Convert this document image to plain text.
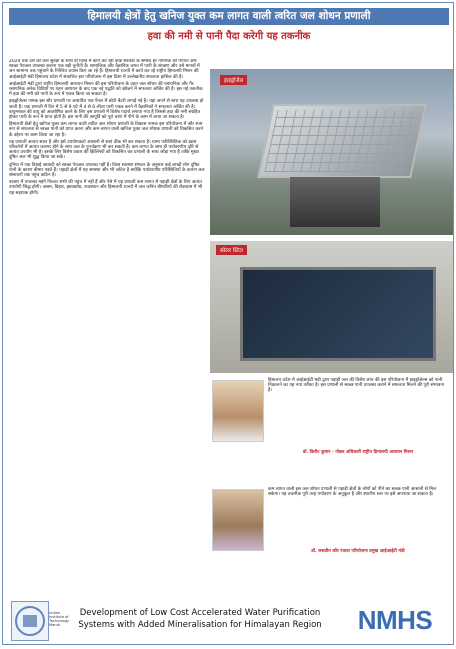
हिमालयी क्षेत्रों हेतु खनिज युक्त कम लागत वाली त्वरित जल शोधन प्रणाली
हवा की नमी से पानी पैदा करेगी यह तकनीक

2024 तक देश को जल सुरक्षा के साथ ही विश्व में कार्य कर रही कोड सरकार के समस्त हर नागरिक को पर्याप्त और स्वच्छ पेयजल उपलब्ध कराना एक बड़ी चुनौती है। सामाजिक और वैज्ञानिक जगत में पानी के संरक्षण और उसे मानवों में जन सामान्य तक पहुंचाने के निश्चित प्रयास किए जा रहे हैं। हिमालयी राज्यों में कार्य कर रहे राष्ट्रीय हिमालयी मिशन की आईआईटी मंडी हिमालय प्रदेश में संचालित इस परियोजना में इस दिशा में उल्लेखनीय सफलता हासिल की है।

आईआईटी मंडी द्वारा राष्ट्रीय हिमालयी अध्ययन मिशन की इस परियोजना के तहत जल शोधन की रसायनिक और गैर रसायनिक अनेक विधियों पर गहन अध्ययन के बाद एक नई पद्धति को खोजने में सफलता अर्जित की है। इस नई तकनीक में हवा की नमी को पानी के रूप में एकत्र किया जा सकता है।

हाइड्रोजेल्स नामक इस सौर प्रणाली पर आधारित एक पैनल में छोटी बैटरी लगाई गई है। यहां अपने से साथ यह उपलब्ध हो जाती है। एक प्रणाली में दिन में 5 से 9 घंटे में 4 से 6 लीटर पानी एकत्र करने में वैज्ञानिकों ने सफलता अर्जित की है। वायुमण्डल की वायु को अवशोषित करने के लिए इस प्रणाली में विशेष पदार्थ लगाया गया है जिससे हवा की नमी संग्रहित होकर पानी के रूप में प्राप्त होती है। इस पानी की आपूर्ति को पूर्व चरण में पीने के काम में लाया जा सकता है।

हिमालयी क्षेत्रों हेतु खनिज युक्त कम लागत वाली त्वरित जल शोधन प्रणाली के विकास नामक इस परियोजना में और स्पष्ट रूप से सफलता से स्वच्छ पानी को प्राप्त करना और कम लागत वाली खनिज युक्त जल शोधक प्रणाली को विकसित करने के उद्देश्य पर काम किया जा रहा है।

यह प्रणाली अत्यंत सरल है और इसे उपयोगकर्ता आसानी से स्वयं ठीक भी कर सकता है। ग्राम्य पारिस्थितिक को खास परिवर्तनों में अत्यंत कारगर होने के साथ जल के पुनर्चक्रण भी कर सकती है। कम लागत के साथ ही पर्यावरणीय दृष्टि से अत्यंत उपयोग भी है। इसके लिए विशेष प्रकार की झिल्लियों को विकसित कर प्रणाली के साथ जोड़ा गया है ताकि मुख्य दूषित जल भी शुद्ध किया जा सके।

दुनिया में एक तिहाई आबादी को स्वच्छ पेयजल उपलब्ध नहीं है। विश्व स्वास्थ्य संगठन के अनुसार कई लाखों लोग दूषित पानी के कारण बीमार पड़ते हैं। पहाड़ी क्षेत्रों में यह समस्या और भी जटिल है क्योंकि पर्यावरणीय परिस्थितियों के कारण जल संसाधनों तक पहुंच कठिन है।

बाजार में उपलब्ध महंगे फिल्टर सभी की पहुंच में नहीं हैं और ऐसे में यह प्रणाली कम लागत में पहाड़ी क्षेत्रों के लिए अत्यंत उपयोगी सिद्ध होगी। असम, बिहार, झारखण्ड, राजस्थान और हिमालयी राज्यों में जल जनित बीमारियों की रोकथाम में भी यह सहायक होगी।

हाइड्रोजेल
सोलर स्टिल
हिमालय प्रदेश में आईआईटी मंडी द्वारा पहाड़ी जल की विशेष जांच की इस परियोजना में हाइड्रोजेल्स को पानी निकालने का यह नया तरीका है। इस प्रणाली से स्वच्छ पानी उपलब्ध कराने में सफलता मिलने की पूरी संभावना है।
डॉ. किरीट कुमार - नोडल अधिकारी राष्ट्रीय हिमालयी अध्ययन मिशन
कम लागत वाली इस जल शोधन प्रणाली से पहाड़ी क्षेत्रों के लोगों को पीने का स्वच्छ पानी आसानी से मिल सकेगा। यह तकनीक पूरी तरह पर्यावरण के अनुकूल है और स्थानीय स्तर पर इसे अपनाया जा सकता है।
डॉ. जसप्रीत कौर रंधावा परियोजना प्रमुख आईआईटी मंडी
Indian Institute of Technology Mandi
Development of Low Cost Accelerated Water Purification Systems with Added Mineralisation for Himalayan Region	NMHS
